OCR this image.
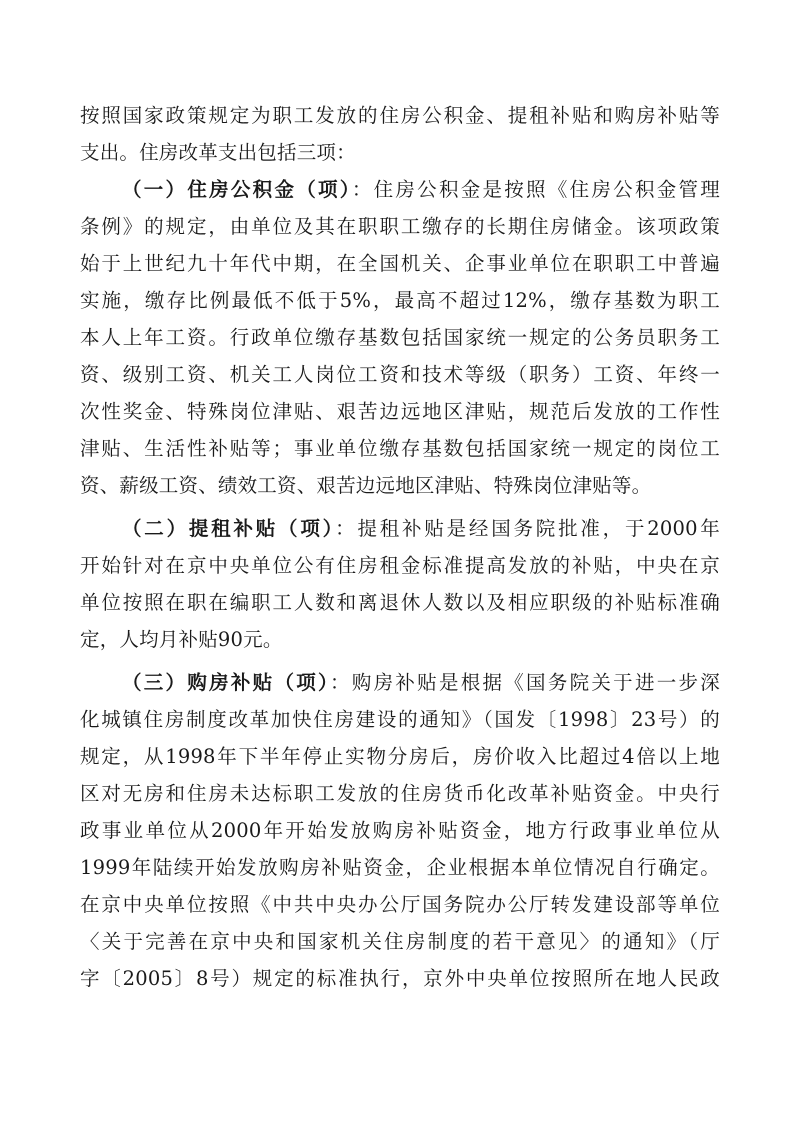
按照国家政策规定为职工发放的住房公积金、提租补贴和购房补贴等
支出。住房改革支出包括三项：
（一）住房公积金（项）：住房公积金是按照《住房公积金管理
条例》的规定，由单位及其在职职工缴存的长期住房储金。该项政策
始于上世纪九十年代中期，在全国机关、企事业单位在职职工中普遍
实施，缴存比例最低不低于5%，最高不超过12%，缴存基数为职工
本人上年工资。行政单位缴存基数包括国家统一规定的公务员职务工
资、级别工资、机关工人岗位工资和技术等级（职务）工资、年终一
次性奖金、特殊岗位津贴、艰苦边远地区津贴，规范后发放的工作性
津贴、生活性补贴等；事业单位缴存基数包括国家统一规定的岗位工
资、薪级工资、绩效工资、艰苦边远地区津贴、特殊岗位津贴等。
（二）提租补贴（项）：提租补贴是经国务院批准，于2000年
开始针对在京中央单位公有住房租金标准提高发放的补贴，中央在京
单位按照在职在编职工人数和离退休人数以及相应职级的补贴标准确
定，人均月补贴90元。
（三）购房补贴（项）：购房补贴是根据《国务院关于进一步深
化城镇住房制度改革加快住房建设的通知》（国发〔1998〕23号）的
规定，从1998年下半年停止实物分房后，房价收入比超过4倍以上地
区对无房和住房未达标职工发放的住房货币化改革补贴资金。中央行
政事业单位从2000年开始发放购房补贴资金，地方行政事业单位从
1999年陆续开始发放购房补贴资金，企业根据本单位情况自行确定。
在京中央单位按照《中共中央办公厅国务院办公厅转发建设部等单位
〈关于完善在京中央和国家机关住房制度的若干意见〉的通知》（厅
字〔2005〕8号）规定的标准执行，京外中央单位按照所在地人民政
